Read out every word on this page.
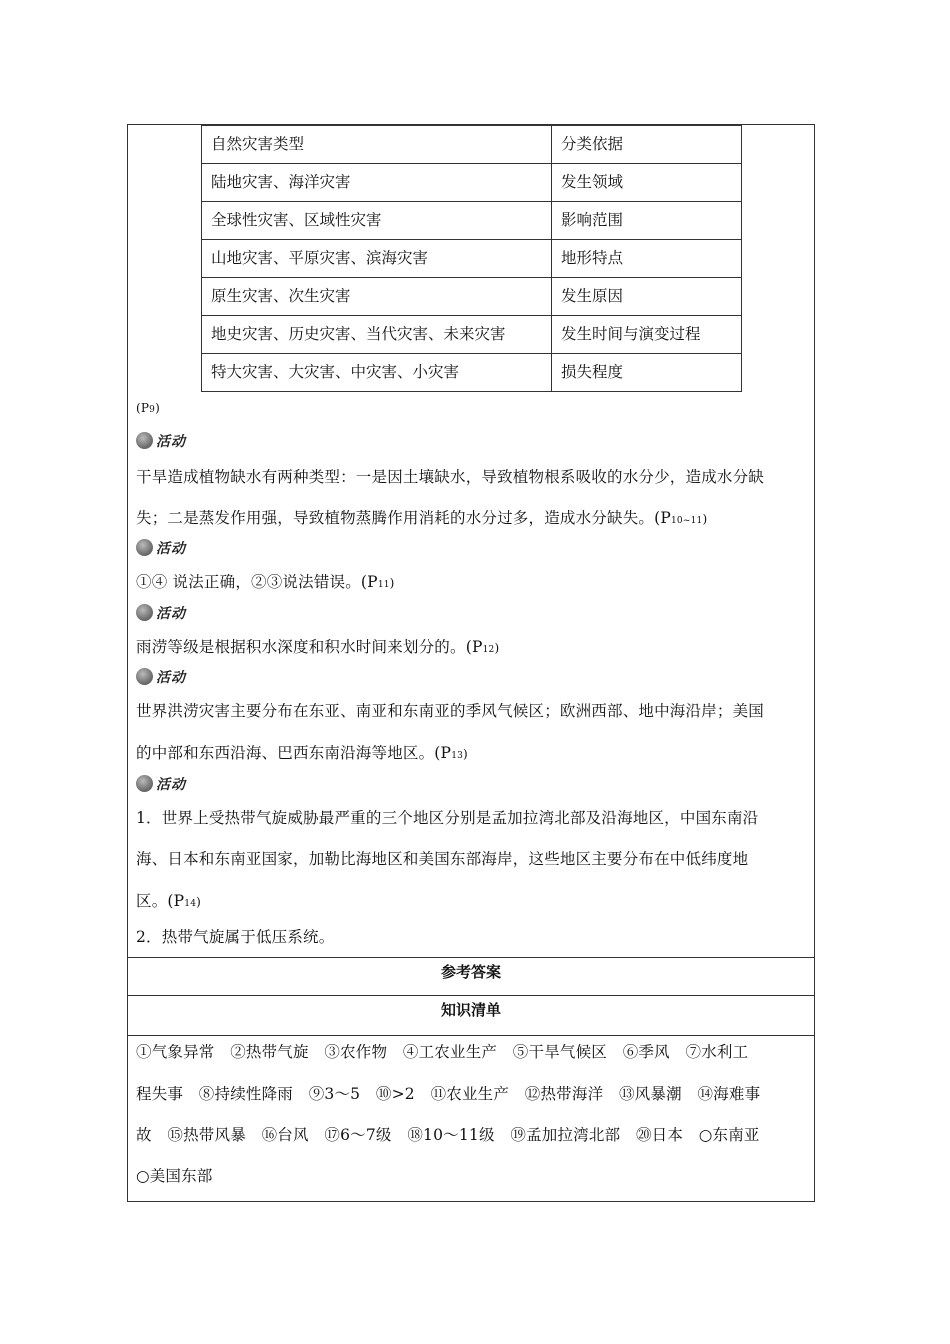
自然灾害类型	分类依据
陆地灾害、海洋灾害	发生领域
全球性灾害、区域性灾害	影响范围
山地灾害、平原灾害、滨海灾害	地形特点
原生灾害、次生灾害	发生原因
地史灾害、历史灾害、当代灾害、未来灾害	发生时间与演变过程
特大灾害、大灾害、中灾害、小灾害	损失程度
(P9)
活动
干旱造成植物缺水有两种类型：一是因土壤缺水，导致植物根系吸收的水分少，造成水分缺
失；二是蒸发作用强，导致植物蒸腾作用消耗的水分过多，造成水分缺失。(P10~11)
活动
①④ 说法正确，②③说法错误。(P11)
活动
雨涝等级是根据积水深度和积水时间来划分的。(P12)
活动
世界洪涝灾害主要分布在东亚、南亚和东南亚的季风气候区；欧洲西部、地中海沿岸；美国
的中部和东西沿海、巴西东南沿海等地区。(P13)
活动
1．世界上受热带气旋威胁最严重的三个地区分别是孟加拉湾北部及沿海地区，中国东南沿
海、日本和东南亚国家，加勒比海地区和美国东部海岸，这些地区主要分布在中低纬度地
区。(P14)
2．热带气旋属于低压系统。
参考答案
知识清单
①气象异常　②热带气旋　③农作物　④工农业生产　⑤干旱气候区　⑥季风　⑦水利工
程失事　⑧持续性降雨　⑨3～5　⑩>2　⑪农业生产　⑫热带海洋　⑬风暴潮　⑭海难事
故　⑮热带风暴　⑯台风　⑰6～7级　⑱10～11级　⑲孟加拉湾北部　⑳日本　○东南亚
○美国东部
